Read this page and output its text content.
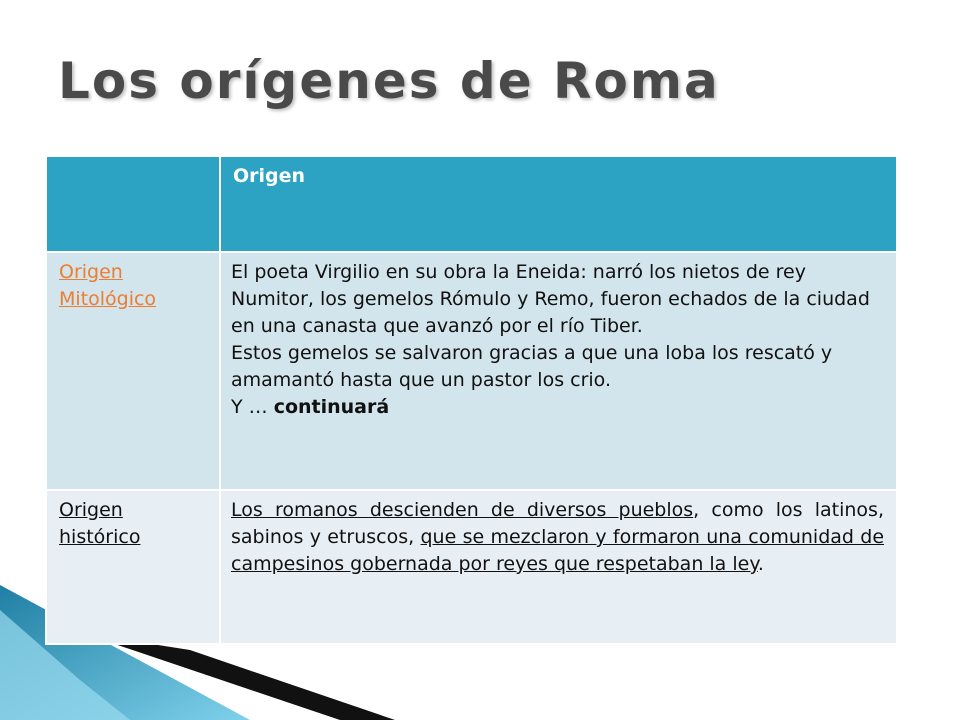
Los orígenes de Roma
	Origen
Origen Mitológico	El poeta Virgilio en su obra la Eneida: narró los nietos de rey Numitor, los gemelos Rómulo y Remo, fueron echados de la ciudad en una canasta que avanzó por el río Tiber.
Estos gemelos se salvaron gracias a que una loba los rescató y amamantó hasta que un pastor los crio.
Y … continuará

Origen histórico	Los romanos descienden de diversos pueblos, como los latinos, sabinos y etruscos, que se mezclaron y formaron una comunidad de campesinos gobernada por reyes que respetaban la ley.
